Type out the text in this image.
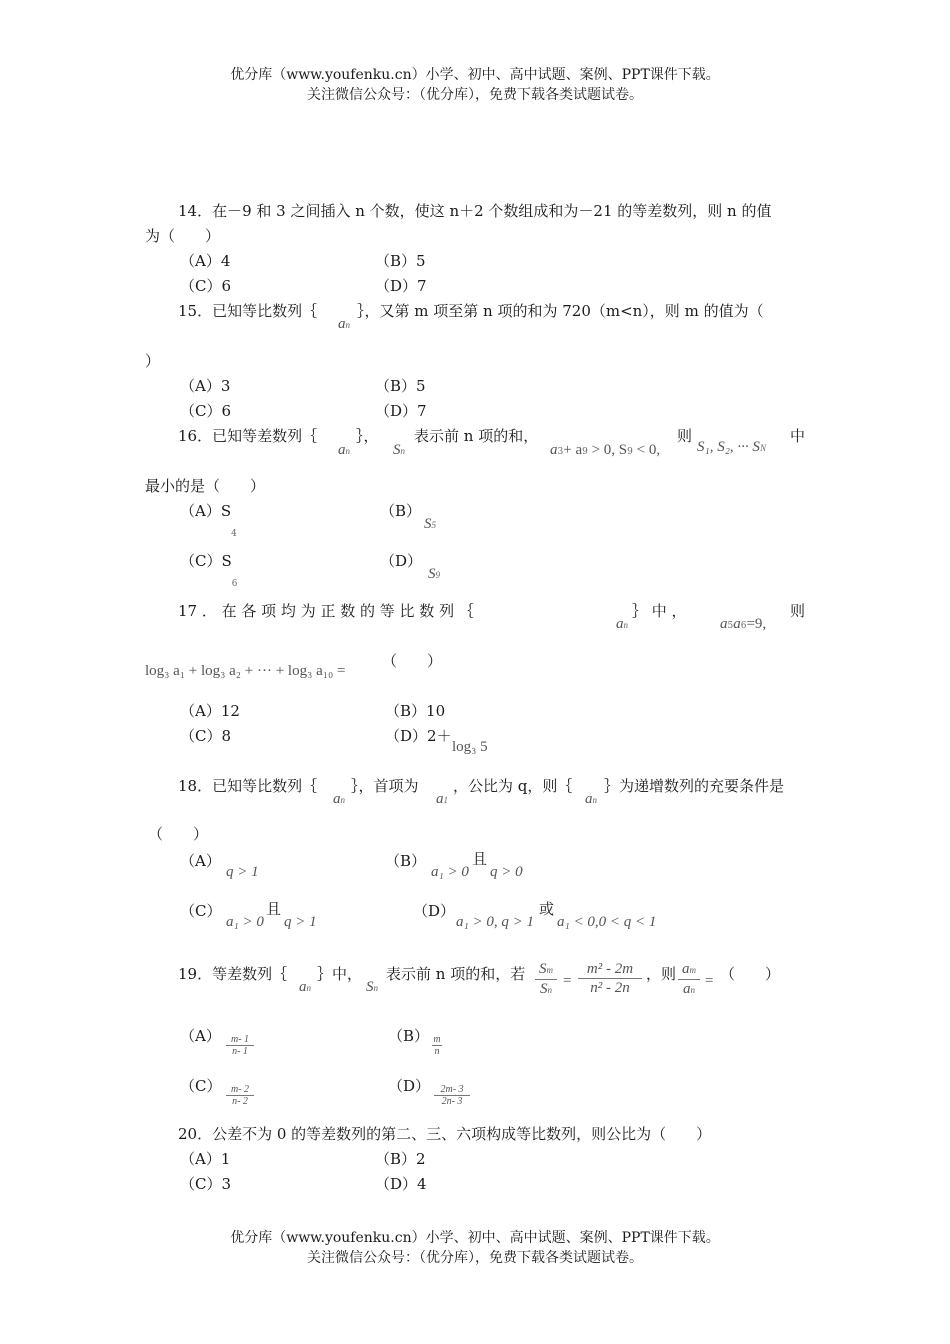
优分库（www.youfenku.cn）小学、初中、高中试题、案例、PPT课件下载。
关注微信公众号：（优分库），免费下载各类试题试卷。
14．在－9 和 3 之间插入 n 个数，使这 n＋2 个数组成和为－21 的等差数列，则 n 的值
为（　　）
（A）4	（B）5
（C）6	（D）7
15．已知等比数列｛
an
｝，又第 m 项至第 n 项的和为 720（m<n），则 m 的值为（
）
（A）3	（B）5
（C）6	（D）7
16．已知等差数列｛
an
｝，
Sn
表示前 n 项的和，
a3+ a9 > 0, S9 < 0,
则
S₁, S₂, ··· SN
中
最小的是（　　）
$(A)S_4$
（B）
S5
$(C)S_6$
（D）
S9
17 ． 在 各 项 均 为 正 数 的 等 比 数 列 ｛
an
｝ 中 ，
a5a6=9,
则
log₃ a₁ + log₃ a₂ + ··· + log₃ a₁₀ =
（　　）
（A）12	（B）10
（C）8	（D）2＋
log₃ 5
18．已知等比数列｛
an
｝，首项为
a1
，公比为 q，则｛
an
｝为递增数列的充要条件是
（　　）
（A）
q > 1
（B）
a₁ > 0
且
q > 0
（C）
a₁ > 0
且
q > 1
（D）
a₁ > 0, q > 1
或
a₁ < 0,0 < q < 1
19．等差数列｛
an
｝中，
Sn
表示前 n 项的和，若 Sm
Sn
=
m² - 2m
n² - 2n
，则 am
an
= （　　）
（A）	m- 1
n- 1
（B） m
n
（C） m- 2
n- 2
（D）	2m- 3
2n- 3
20．公差不为 0 的等差数列的第二、三、六项构成等比数列，则公比为（　　）
（A）1	（B）2
（C）3	（D）4
优分库（www.youfenku.cn）小学、初中、高中试题、案例、PPT课件下载。
关注微信公众号：（优分库），免费下载各类试题试卷。
